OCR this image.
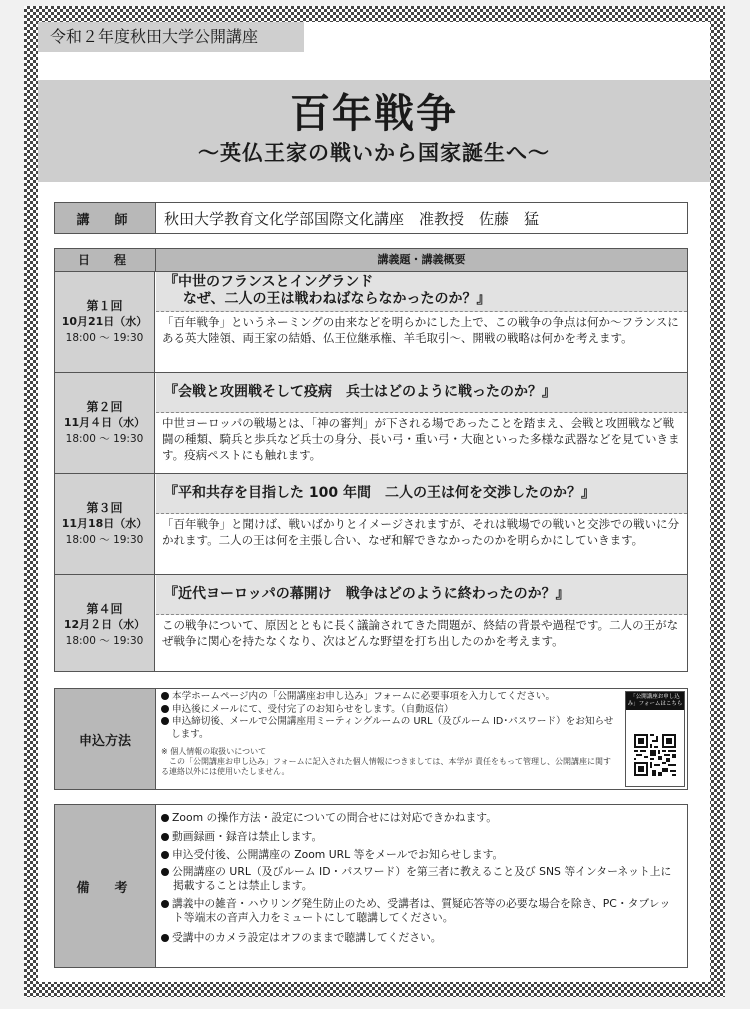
令和２年度秋田大学公開講座
百年戦争
～英仏王家の戦いから国家誕生へ～
講　師	秋田大学教育文化学部国際文化講座　准教授　佐藤　猛
日　程	講義題・講義概要
第１回
10月21日（水）
18:00 ～ 19:30
『中世のフランスとイングランド
　 なぜ、二人の王は戦わねばならなかったのか？』
「百年戦争」というネーミングの由来などを明らかにした上で、この戦争の争点は何か～フランスにある英大陸領、両王家の結婚、仏王位継承権、羊毛取引～、開戦の戦略は何かを考えます。
第２回
11月４日（水）
18:00 ～ 19:30
『会戦と攻囲戦そして疫病　兵士はどのように戦ったのか？』
中世ヨーロッパの戦場とは、「神の審判」が下される場であったことを踏まえ、会戦と攻囲戦など戦闘の種類、騎兵と歩兵など兵士の身分、長い弓・重い弓・大砲といった多様な武器などを見ていきます。疫病ペストにも触れます。
第３回
11月18日（水）
18:00 ～ 19:30
『平和共存を目指した 100 年間　二人の王は何を交渉したのか？』
「百年戦争」と聞けば、戦いばかりとイメージされますが、それは戦場での戦いと交渉での戦いに分かれます。二人の王は何を主張し合い、なぜ和解できなかったのかを明らかにしていきます。
第４回
12月２日（水）
18:00 ～ 19:30
『近代ヨーロッパの幕開け　戦争はどのように終わったのか？』
この戦争について、原因とともに長く議論されてきた問題が、終結の背景や過程です。二人の王がなぜ戦争に関心を持たなくなり、次はどんな野望を打ち出したのかを考えます。
申込方法
本学ホームページ内の「公開講座お申し込み」フォームに必要事項を入力してください。
申込後にメールにて、受付完了のお知らせをします。（自動返信）
申込締切後、メールで公開講座用ミーティングルームの URL（及びルーム ID･パスワード）をお知らせします。
※ 個人情報の取扱いについて
　この「公開講座お申し込み」フォームに記入された個人情報につきましては、本学が 責任をもって管理し、公開講座に関する連絡以外には使用いたしません。
「公開講座お申し込み」フォームはこちら
備　考
Zoom の操作方法・設定についての問合せには対応できかねます。
動画録画・録音は禁止します。
申込受付後、公開講座の Zoom URL 等をメールでお知らせします。
公開講座の URL（及びルーム ID・パスワード）を第三者に教えること及び SNS 等インターネット上に掲載することは禁止します。
講義中の雑音・ハウリング発生防止のため、受講者は、質疑応答等の必要な場合を除き、PC・タブレット等端末の音声入力をミュートにして聴講してください。
受講中のカメラ設定はオフのままで聴講してください。
